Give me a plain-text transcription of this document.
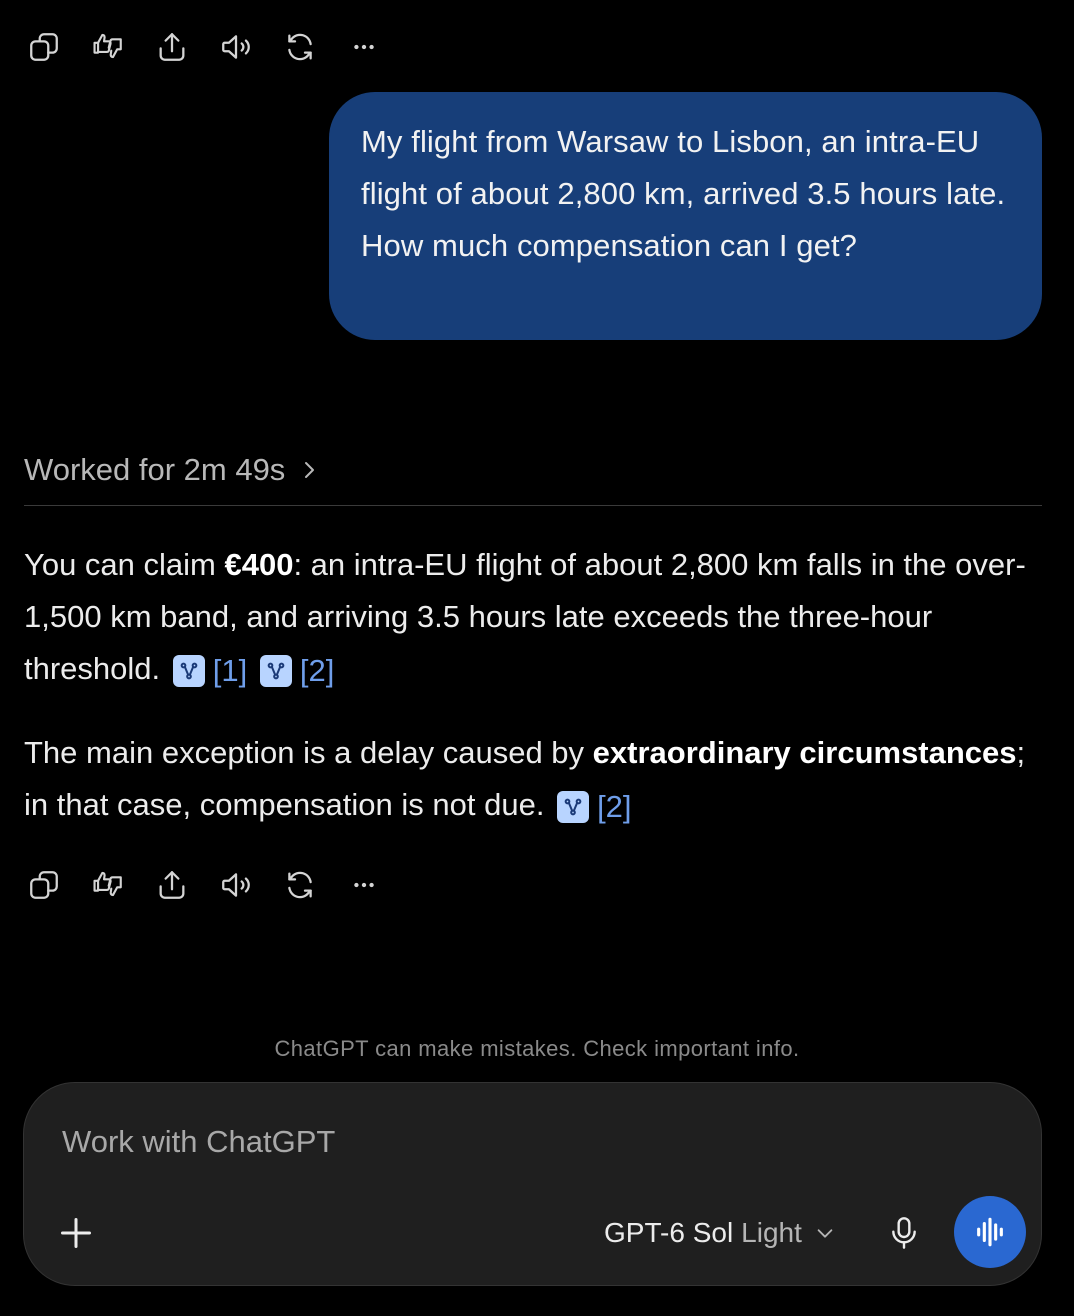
My flight from Warsaw to Lisbon, an intra-EU flight of about 2,800 km, arrived 3.5 hours late. How much compensation can I get?
Worked for 2m 49s

You can claim €400: an intra-EU flight of about 2,800 km falls in the over-1,500 km band, and arriving 3.5 hours late exceeds the three-hour threshold. [1]
[2]

The main exception is a delay caused by extraordinary circumstances; in that case, compensation is not due. [2]

ChatGPT can make mistakes. Check important info.
Work with ChatGPT
GPT-6 Sol Light
